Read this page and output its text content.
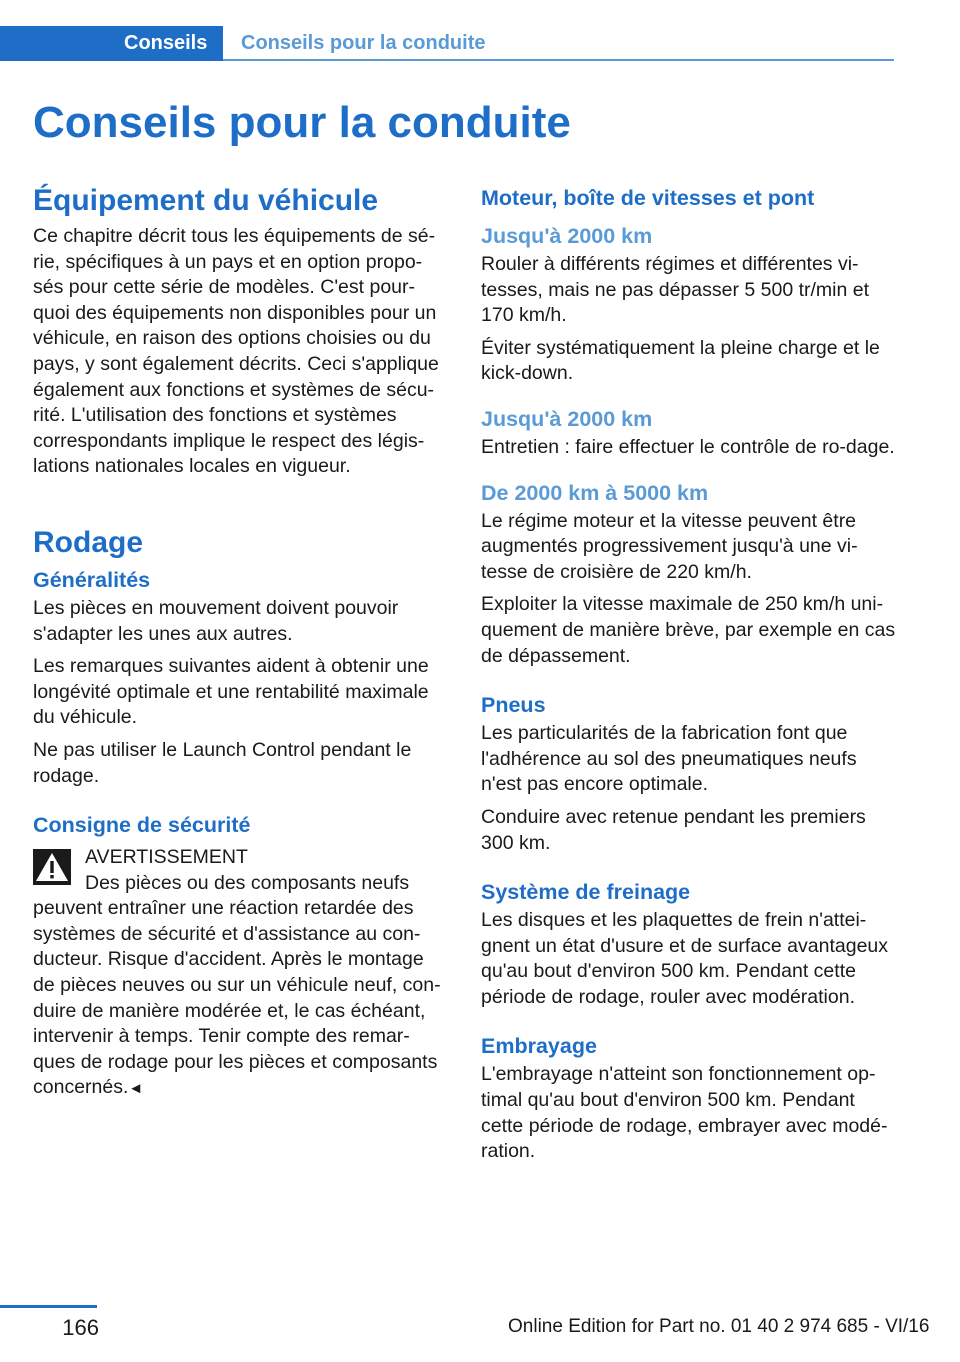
Conseils	Conseils pour la conduite
Conseils pour la conduite
Équipement du véhicule

Ce chapitre décrit tous les équipements de sé-rie, spécifiques à un pays et en option propo-sés pour cette série de modèles. C'est pour-quoi des équipements non disponibles pour un véhicule, en raison des options choisies ou du pays, y sont également décrits. Ceci s'applique également aux fonctions et systèmes de sécu-rité. L'utilisation des fonctions et systèmes correspondants implique le respect des légis-lations nationales locales en vigueur.

Rodage
Généralités

Les pièces en mouvement doivent pouvoir s'adapter les unes aux autres.

Les remarques suivantes aident à obtenir une longévité optimale et une rentabilité maximale du véhicule.

Ne pas utiliser le Launch Control pendant le rodage.

Consigne de sécurité
AVERTISSEMENT
Des pièces ou des composants neufs
peuvent entraîner une réaction retardée des systèmes de sécurité et d'assistance au con-ducteur. Risque d'accident. Après le montage de pièces neuves ou sur un véhicule neuf, con-duire de manière modérée et, le cas échéant, intervenir à temps. Tenir compte des remar-ques de rodage pour les pièces et composants concernés.◄
Moteur, boîte de vitesses et pont
Jusqu'à 2000 km

Rouler à différents régimes et différentes vi-tesses, mais ne pas dépasser 5 500 tr/min et 170 km/h.

Éviter systématiquement la pleine charge et le kick-down.

Jusqu'à 2000 km

Entretien : faire effectuer le contrôle de ro-dage.

De 2000 km à 5000 km

Le régime moteur et la vitesse peuvent être augmentés progressivement jusqu'à une vi-tesse de croisière de 220 km/h.

Exploiter la vitesse maximale de 250 km/h uni-quement de manière brève, par exemple en cas de dépassement.

Pneus

Les particularités de la fabrication font que l'adhérence au sol des pneumatiques neufs n'est pas encore optimale.

Conduire avec retenue pendant les premiers 300 km.

Système de freinage

Les disques et les plaquettes de frein n'attei-gnent un état d'usure et de surface avantageux qu'au bout d'environ 500 km. Pendant cette période de rodage, rouler avec modération.

Embrayage

L'embrayage n'atteint son fonctionnement op-timal qu'au bout d'environ 500 km. Pendant cette période de rodage, embrayer avec modé-ration.

166	Online Edition for Part no. 01 40 2 974 685 - VI/16
